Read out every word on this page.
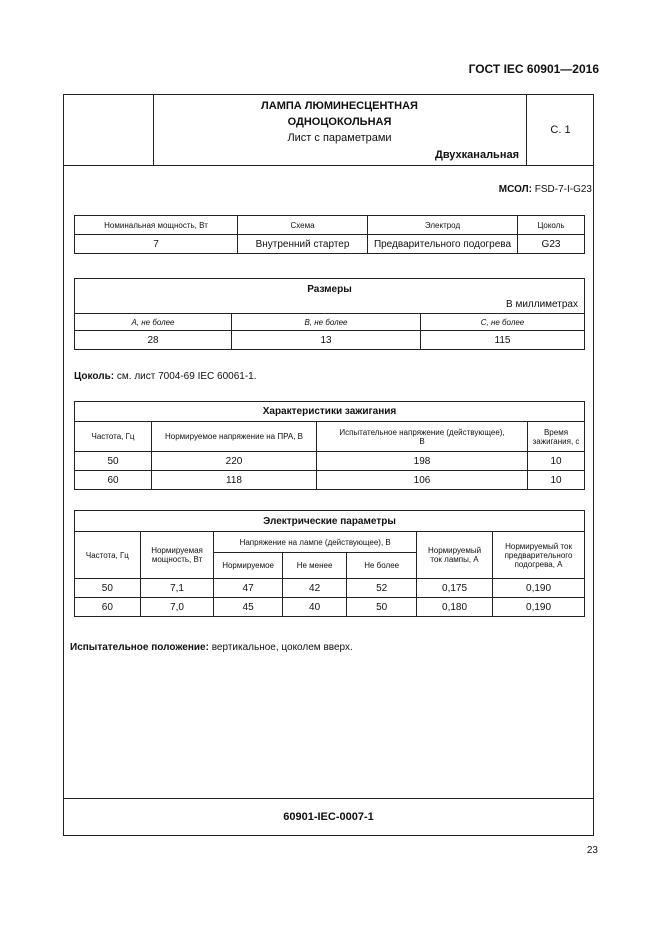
ГОСТ IEC 60901—2016
ЛАМПА ЛЮМИНЕСЦЕНТНАЯ
ОДНОЦОКОЛЬНАЯ
Лист с параметрами
Двухканальная
С. 1
60901-IEC-0007-1
МСОЛ: FSD-7-I-G23
Номинальная мощность, Вт	Схема	Электрод	Цоколь
7	Внутренний стартер	Предварительного подогрева	G23
Размеры
В миллиметрах		

A, не более	B, не более	C, не более
28	13	115
Цоколь: см. лист 7004-69 IEC 60061-1.
Характеристики зажигания			
Частота, Гц	Нормируемое напряжение на ПРА, В	Испытательное напряжение (действующее), В	Время зажигания, с
50	220	198	10
60	118	106	10
Электрические параметры						
Частота, Гц	Нормируемая мощность, Вт	Напряжение на лампе (действующее), В			Нормируемый ток лампы, А	Нормируемый ток предварительного подогрева, А
		Нормируемое	Не менее	Не более		
50	7,1	47	42	52	0,175	0,190
60	7,0	45	40	50	0,180	0,190
Испытательное положение: вертикальное, цоколем вверх.
23
